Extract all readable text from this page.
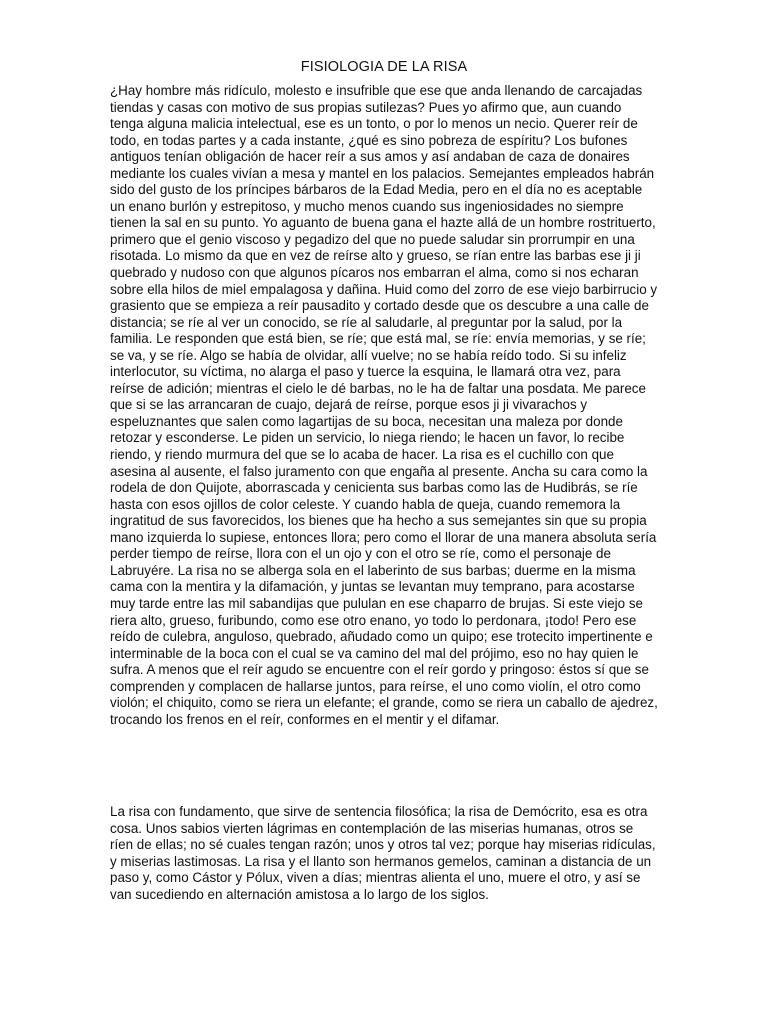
FISIOLOGIA DE LA RISA

¿Hay hombre más ridículo, molesto e insufrible que ese que anda llenando de carcajadas tiendas y casas con motivo de sus propias sutilezas? Pues yo afirmo que, aun cuando tenga alguna malicia intelectual, ese es un tonto, o por lo menos un necio. Querer reír de todo, en todas partes y a cada instante, ¿qué es sino pobreza de espíritu? Los bufones antiguos tenían obligación de hacer reír a sus amos y así andaban de caza de donaires mediante los cuales vivían a mesa y mantel en los palacios. Semejantes empleados habrán sido del gusto de los príncipes bárbaros de la Edad Media, pero en el día no es aceptable un enano burlón y estrepitoso, y mucho menos cuando sus ingeniosidades no siempre tienen la sal en su punto. Yo aguanto de buena gana el hazte allá de un hombre rostrituerto, primero que el genio viscoso y pegadizo del que no puede saludar sin prorrumpir en una risotada. Lo mismo da que en vez de reírse alto y grueso, se rían entre las barbas ese ji ji quebrado y nudoso con que algunos pícaros nos embarran el alma, como si nos echaran sobre ella hilos de miel empalagosa y dañina. Huid como del zorro de ese viejo barbirrucio y grasiento que se empieza a reír pausadito y cortado desde que os descubre a una calle de distancia; se ríe al ver un conocido, se ríe al saludarle, al preguntar por la salud, por la familia. Le responden que está bien, se ríe; que está mal, se ríe: envía memorias, y se ríe; se va, y se ríe. Algo se había de olvidar, allí vuelve; no se había reído todo. Si su infeliz interlocutor, su víctima, no alarga el paso y tuerce la esquina, le llamará otra vez, para reírse de adición; mientras el cielo le dé barbas, no le ha de faltar una posdata. Me parece que si se las arrancaran de cuajo, dejará de reírse, porque esos ji ji vivarachos y espeluznantes que salen como lagartijas de su boca, necesitan una maleza por donde retozar y esconderse. Le piden un servicio, lo niega riendo; le hacen un favor, lo recibe riendo, y riendo murmura del que se lo acaba de hacer. La risa es el cuchillo con que asesina al ausente, el falso juramento con que engaña al presente. Ancha su cara como la rodela de don Quijote, aborrascada y cenicienta sus barbas como las de Hudibrás, se ríe hasta con esos ojillos de color celeste. Y cuando habla de queja, cuando rememora la ingratitud de sus favorecidos, los bienes que ha hecho a sus semejantes sin que su propia mano izquierda lo supiese, entonces llora; pero como el llorar de una manera absoluta sería perder tiempo de reírse, llora con el un ojo y con el otro se ríe, como el personaje de Labruyére. La risa no se alberga sola en el laberinto de sus barbas; duerme en la misma cama con la mentira y la difamación, y juntas se levantan muy temprano, para acostarse muy tarde entre las mil sabandijas que pululan en ese chaparro de brujas. Si este viejo se riera alto, grueso, furibundo, como ese otro enano, yo todo lo perdonara, ¡todo! Pero ese reído de culebra, anguloso, quebrado, añudado como un quipo; ese trotecito impertinente e interminable de la boca con el cual se va camino del mal del prójimo, eso no hay quien le sufra. A menos que el reír agudo se encuentre con el reír gordo y pringoso: éstos sí que se comprenden y complacen de hallarse juntos, para reírse, el uno como violín, el otro como violón; el chiquito, como se riera un elefante; el grande, como se riera un caballo de ajedrez, trocando los frenos en el reír, conformes en el mentir y el difamar.

La risa con fundamento, que sirve de sentencia filosófica; la risa de Demócrito, esa es otra cosa. Unos sabios vierten lágrimas en contemplación de las miserias humanas, otros se ríen de ellas; no sé cuales tengan razón; unos y otros tal vez; porque hay miserias ridículas, y miserias lastimosas. La risa y el llanto son hermanos gemelos, caminan a distancia de un paso y, como Cástor y Pólux, viven a días; mientras alienta el uno, muere el otro, y así se van sucediendo en alternación amistosa a lo largo de los siglos.
